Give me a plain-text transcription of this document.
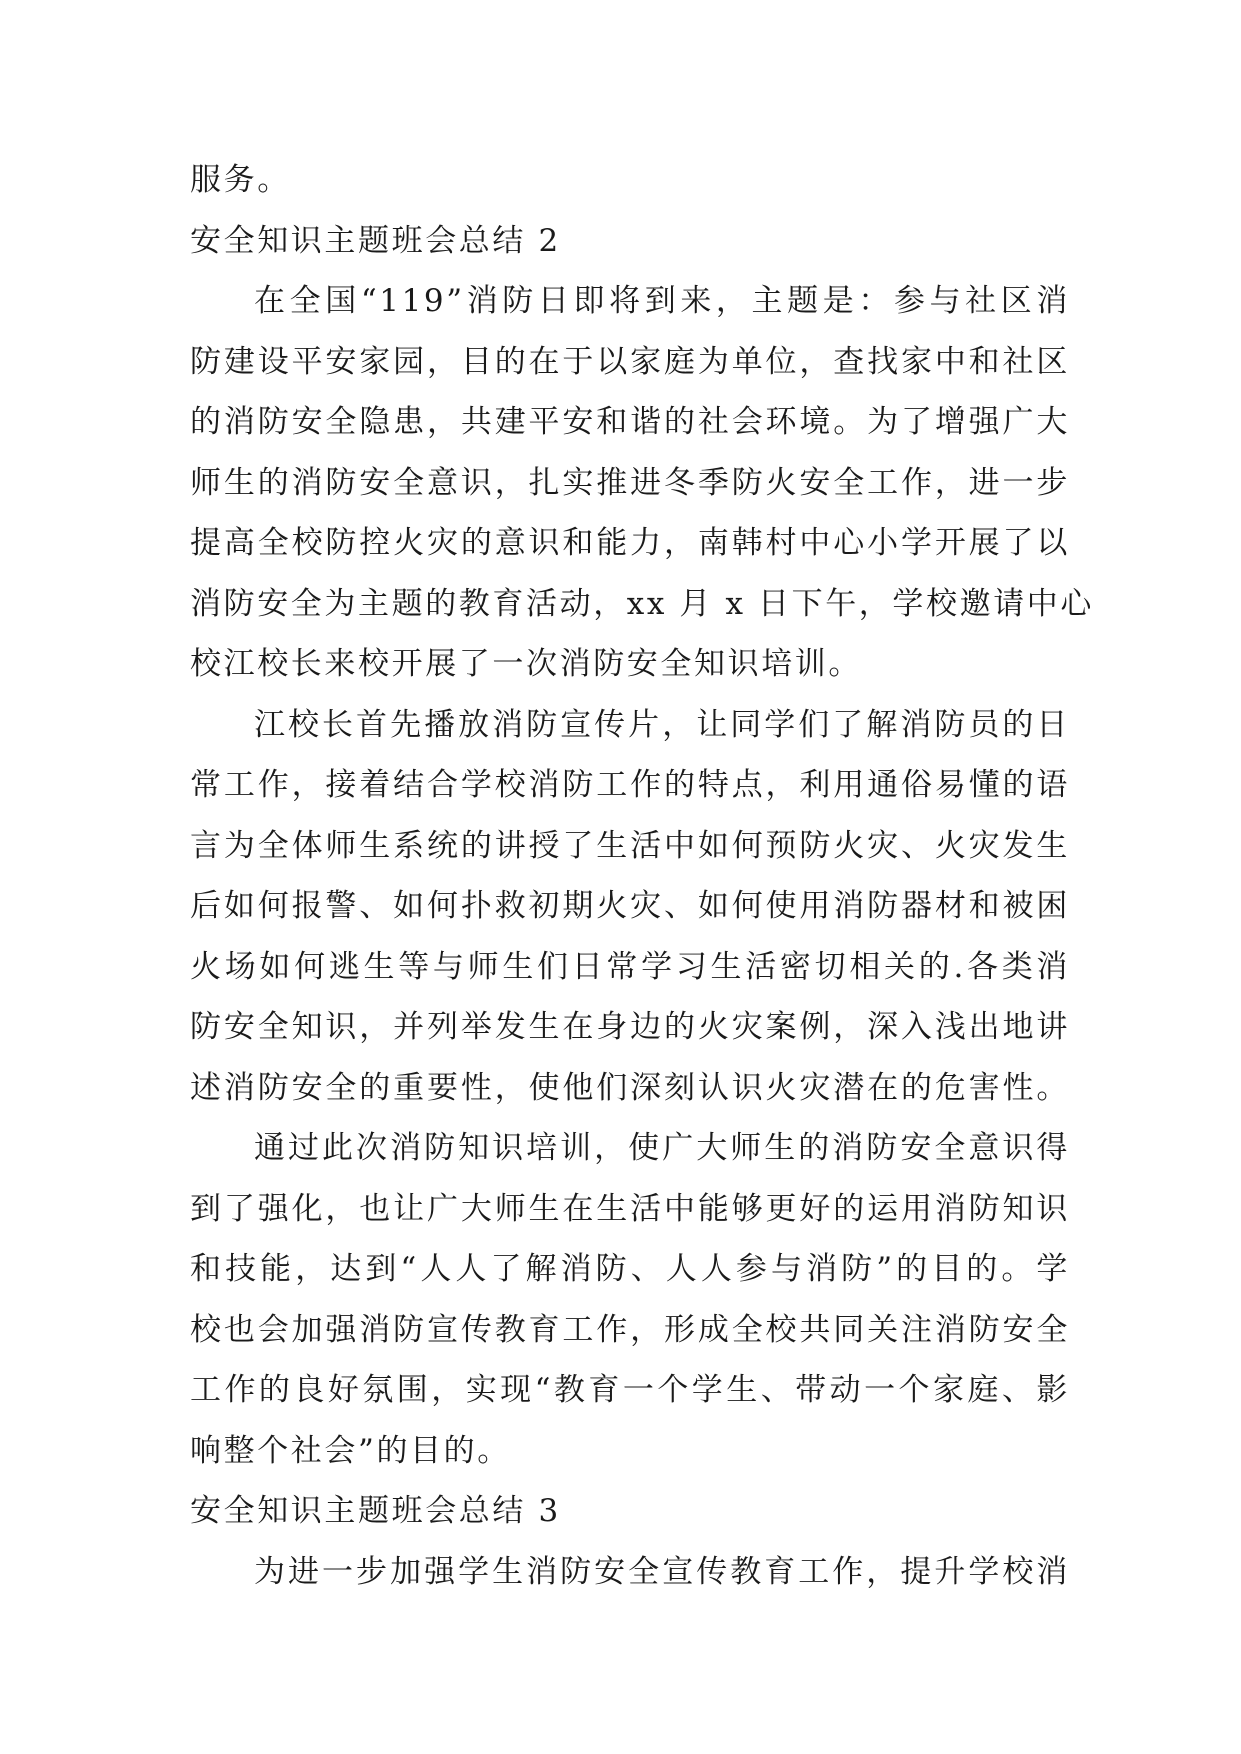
服务。
安全知识主题班会总结 2
在全国“119”消防日即将到来，主题是：参与社区消
防建设平安家园，目的在于以家庭为单位，查找家中和社区
的消防安全隐患，共建平安和谐的社会环境。为了增强广大
师生的消防安全意识，扎实推进冬季防火安全工作，进一步
提高全校防控火灾的意识和能力，南韩村中心小学开展了以
消防安全为主题的教育活动，xx 月 x 日下午，学校邀请中心
校江校长来校开展了一次消防安全知识培训。
江校长首先播放消防宣传片，让同学们了解消防员的日
常工作，接着结合学校消防工作的特点，利用通俗易懂的语
言为全体师生系统的讲授了生活中如何预防火灾、火灾发生
后如何报警、如何扑救初期火灾、如何使用消防器材和被困
火场如何逃生等与师生们日常学习生活密切相关的.各类消
防安全知识，并列举发生在身边的火灾案例，深入浅出地讲
述消防安全的重要性，使他们深刻认识火灾潜在的危害性。
通过此次消防知识培训，使广大师生的消防安全意识得
到了强化，也让广大师生在生活中能够更好的运用消防知识
和技能，达到“人人了解消防、人人参与消防”的目的。学
校也会加强消防宣传教育工作，形成全校共同关注消防安全
工作的良好氛围，实现“教育一个学生、带动一个家庭、影
响整个社会”的目的。
安全知识主题班会总结 3
为进一步加强学生消防安全宣传教育工作，提升学校消
